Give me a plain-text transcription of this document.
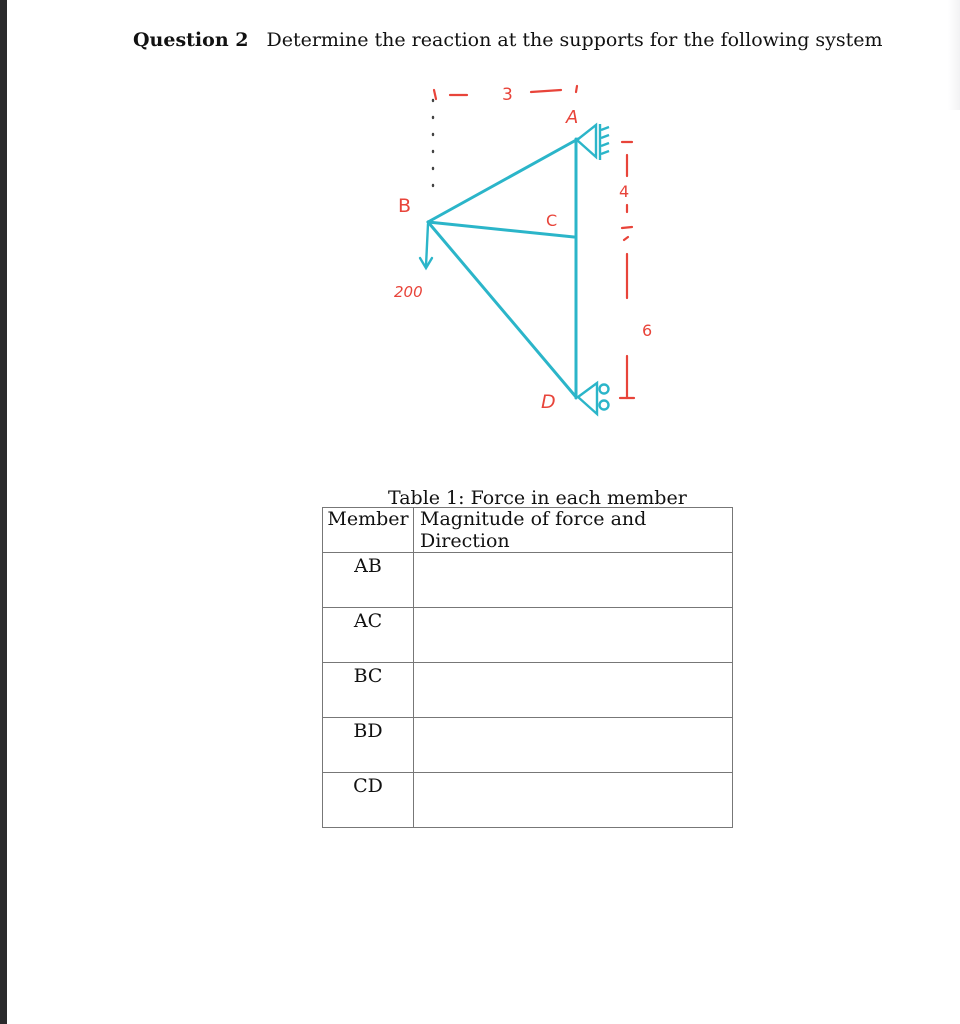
Question 2 Determine the reaction at the supports for the following system
A
B
C
D
200
3
4
6
Table 1: Force in each member
Member	Magnitude of force and Direction
AB	
AC	
BC	
BD	
CD	
